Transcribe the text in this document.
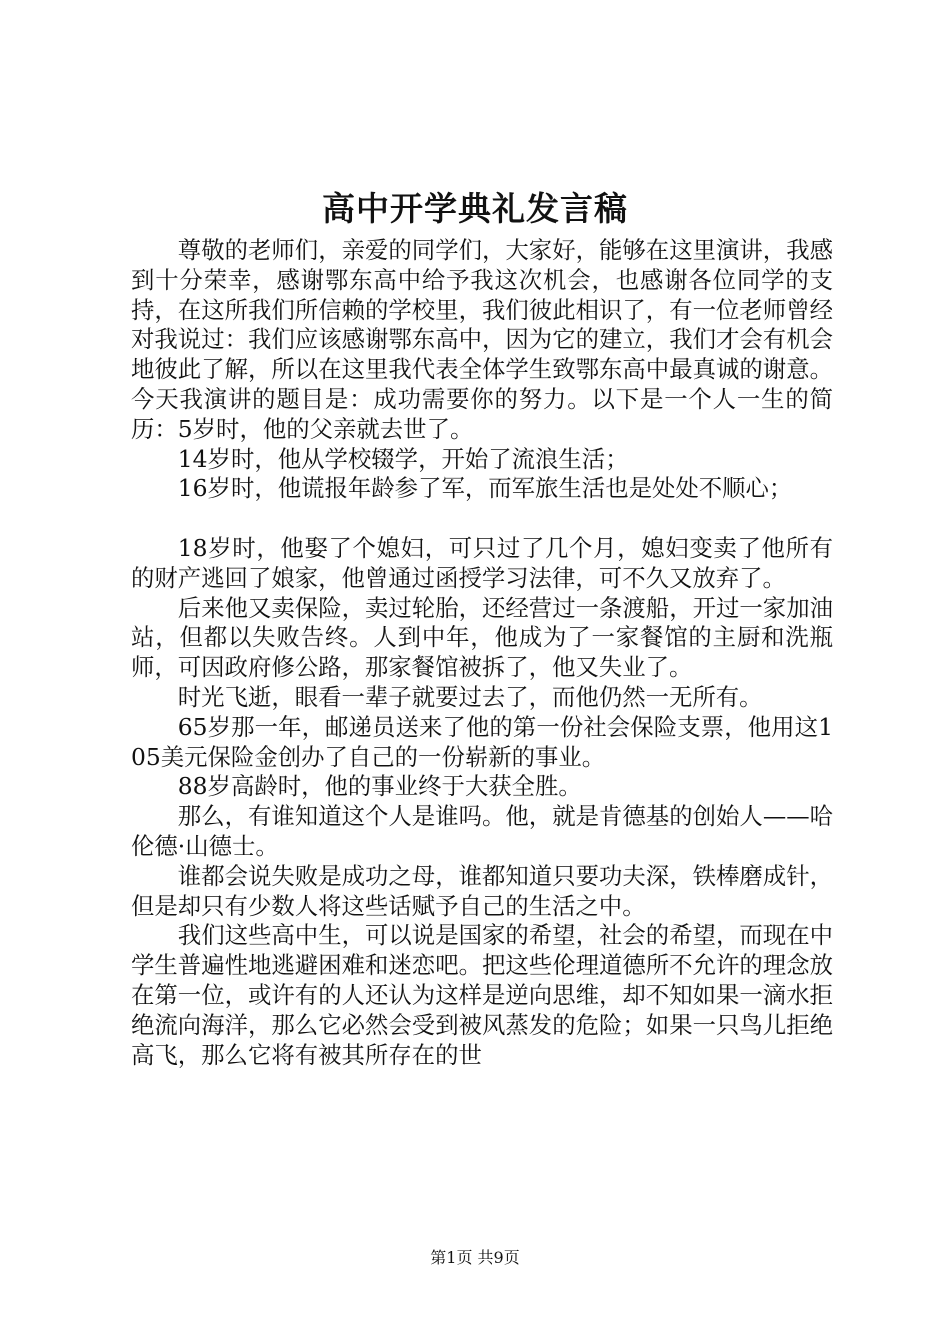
高中开学典礼发言稿

尊敬的老师们，亲爱的同学们，大家好，能够在这里演讲，我感到十分荣幸，感谢鄂东高中给予我这次机会，也感谢各位同学的支持，在这所我们所信赖的学校里，我们彼此相识了，有一位老师曾经对我说过：我们应该感谢鄂东高中，因为它的建立，我们才会有机会地彼此了解，所以在这里我代表全体学生致鄂东高中最真诚的谢意。今天我演讲的题目是：成功需要你的努力。以下是一个人一生的简历：5岁时，他的父亲就去世了。

14岁时，他从学校辍学，开始了流浪生活；

16岁时，他谎报年龄参了军，而军旅生活也是处处不顺心；

18岁时，他娶了个媳妇，可只过了几个月，媳妇变卖了他所有的财产逃回了娘家，他曾通过函授学习法律，可不久又放弃了。

后来他又卖保险，卖过轮胎，还经营过一条渡船，开过一家加油站，但都以失败告终。人到中年，他成为了一家餐馆的主厨和洗瓶师，可因政府修公路，那家餐馆被拆了，他又失业了。

时光飞逝，眼看一辈子就要过去了，而他仍然一无所有。

65岁那一年，邮递员送来了他的第一份社会保险支票，他用这105美元保险金创办了自己的一份崭新的事业。

88岁高龄时，他的事业终于大获全胜。

那么，有谁知道这个人是谁吗。他，就是肯德基的创始人——哈伦德·山德士。

谁都会说失败是成功之母，谁都知道只要功夫深，铁棒磨成针，但是却只有少数人将这些话赋予自己的生活之中。

我们这些高中生，可以说是国家的希望，社会的希望，而现在中学生普遍性地逃避困难和迷恋吧。把这些伦理道德所不允许的理念放在第一位，或许有的人还认为这样是逆向思维，却不知如果一滴水拒绝流向海洋，那么它必然会受到被风蒸发的危险；如果一只鸟儿拒绝高飞，那么它将有被其所存在的世

第1页 共9页
